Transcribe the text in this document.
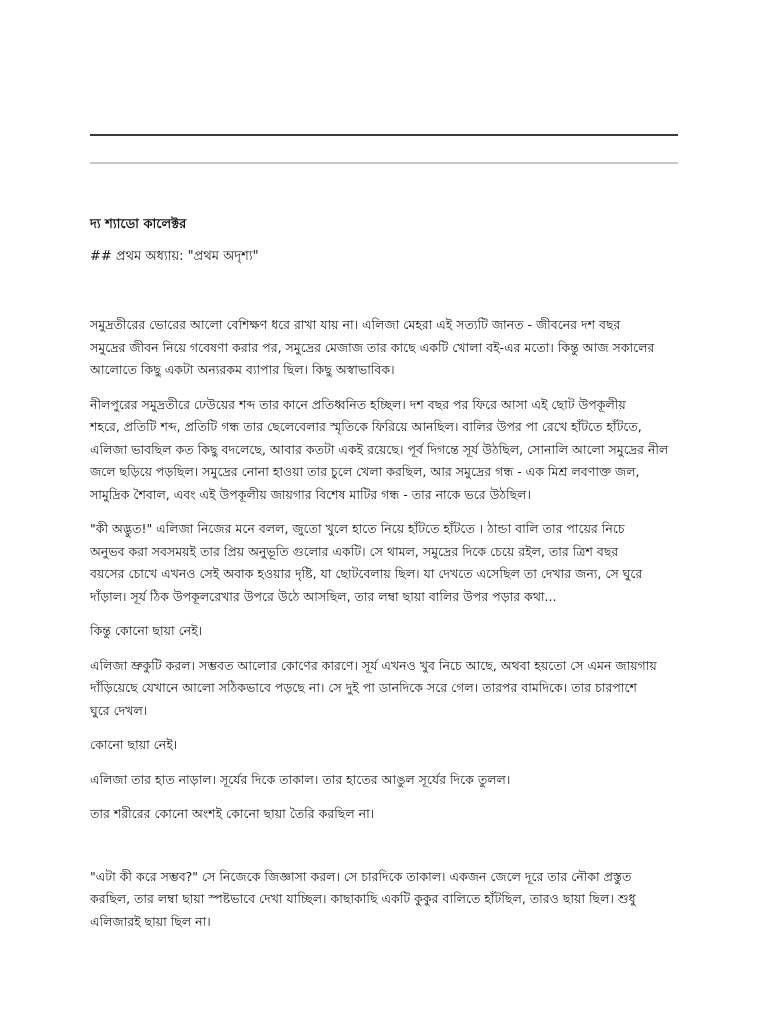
দ্য শ্যাডো কালেক্টর

## প্রথম অধ্যায়: "প্রথম অদৃশ্য"

সমুদ্রতীরের ভোরের আলো বেশিক্ষণ ধরে রাখা যায় না। এলিজা মেহরা এই সত্যটি জানত - জীবনের দশ বছর
সমুদ্রের জীবন নিয়ে গবেষণা করার পর, সমুদ্রের মেজাজ তার কাছে একটি খোলা বই-এর মতো। কিন্তু আজ সকালের
আলোতে কিছু একটা অন্যরকম ব্যাপার ছিল। কিছু অস্বাভাবিক।

নীলপুরের সমুদ্রতীরে ঢেউয়ের শব্দ তার কানে প্রতিধ্বনিত হচ্ছিল। দশ বছর পর ফিরে আসা এই ছোট উপকূলীয়
শহরে, প্রতিটি শব্দ, প্রতিটি গন্ধ তার ছেলেবেলার স্মৃতিকে ফিরিয়ে আনছিল। বালির উপর পা রেখে হাঁটতে হাঁটতে,
এলিজা ভাবছিল কত কিছু বদলেছে, আবার কতটা একই রয়েছে। পূর্ব দিগন্তে সূর্য উঠছিল, সোনালি আলো সমুদ্রের নীল
জলে ছড়িয়ে পড়ছিল। সমুদ্রের নোনা হাওয়া তার চুলে খেলা করছিল, আর সমুদ্রের গন্ধ - এক মিশ্র লবণাক্ত জল,
সামুদ্রিক শৈবাল, এবং এই উপকূলীয় জায়গার বিশেষ মাটির গন্ধ - তার নাকে ভরে উঠছিল।

"কী অদ্ভুত!" এলিজা নিজের মনে বলল, জুতো খুলে হাতে নিয়ে হাঁটতে হাঁটতে । ঠান্ডা বালি তার পায়ের নিচে
অনুভব করা সবসময়ই তার প্রিয় অনুভূতি গুলোর একটি। সে থামল, সমুদ্রের দিকে চেয়ে রইল, তার ত্রিশ বছর
বয়সের চোখে এখনও সেই অবাক হওয়ার দৃষ্টি, যা ছোটবেলায় ছিল। যা দেখতে এসেছিল তা দেখার জন্য, সে ঘুরে
দাঁড়াল। সূর্য ঠিক উপকূলরেখার উপরে উঠে আসছিল, তার লম্বা ছায়া বালির উপর পড়ার কথা...

কিন্তু কোনো ছায়া নেই।

এলিজা ভ্রুকুটি করল। সম্ভবত আলোর কোণের কারণে। সূর্য এখনও খুব নিচে আছে, অথবা হয়তো সে এমন জায়গায়
দাঁড়িয়েছে যেখানে আলো সঠিকভাবে পড়ছে না। সে দুই পা ডানদিকে সরে গেল। তারপর বামদিকে। তার চারপাশে
ঘুরে দেখল।

কোনো ছায়া নেই।

এলিজা তার হাত নাড়াল। সূর্যের দিকে তাকাল। তার হাতের আঙুল সূর্যের দিকে তুলল।

তার শরীরের কোনো অংশই কোনো ছায়া তৈরি করছিল না।

"এটা কী করে সম্ভব?" সে নিজেকে জিজ্ঞাসা করল। সে চারদিকে তাকাল। একজন জেলে দূরে তার নৌকা প্রস্তুত
করছিল, তার লম্বা ছায়া স্পষ্টভাবে দেখা যাচ্ছিল। কাছাকাছি একটি কুকুর বালিতে হাঁটছিল, তারও ছায়া ছিল। শুধু
এলিজারই ছায়া ছিল না।
